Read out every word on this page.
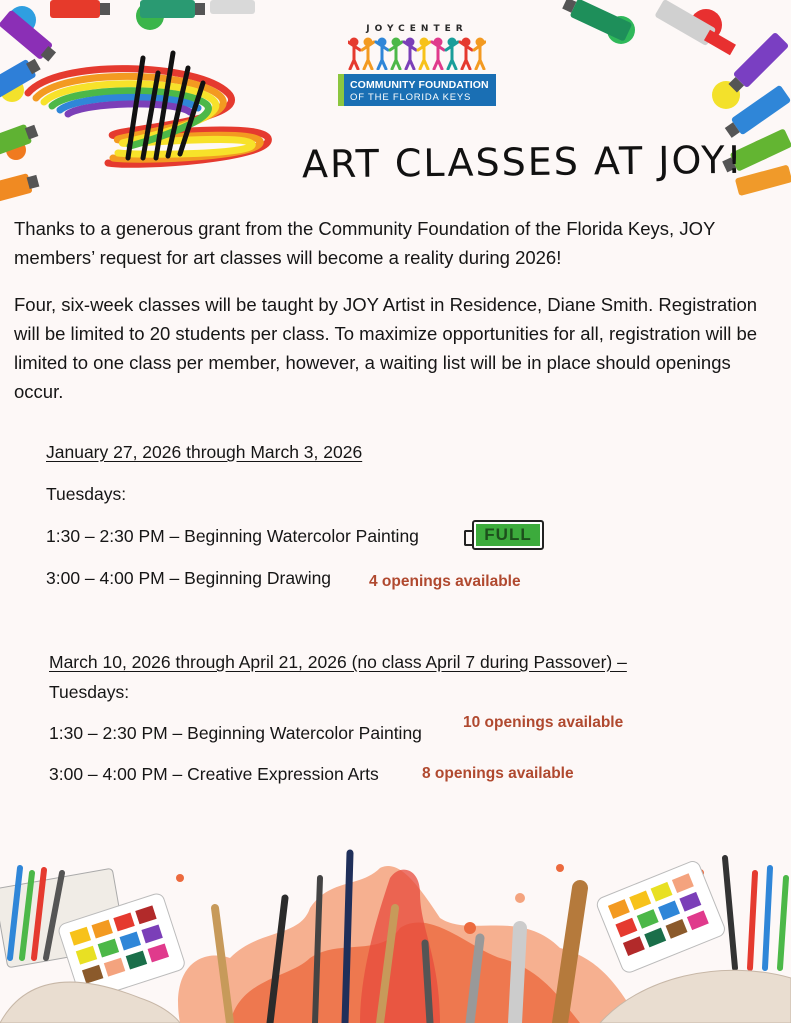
JOYCENTER
COMMUNITY FOUNDATION
OF THE FLORIDA KEYS
ART CLASSES AT JOY!
Thanks to a generous grant from the Community Foundation of the Florida Keys, JOY members’ request for art classes will become a reality during 2026!
Four, six-week classes will be taught by JOY Artist in Residence, Diane Smith. Registration will be limited to 20 students per class. To maximize opportunities for all, registration will be limited to one class per member, however, a waiting list will be in place should openings occur.
January 27, 2026 through March 3, 2026
Tuesdays:
1:30 – 2:30 PM – Beginning Watercolor Painting	FULL
3:00 – 4:00 PM – Beginning Drawing 4 openings available
March 10, 2026 through April 21, 2026 (no class April 7 during Passover) –
Tuesdays:
1:30 – 2:30 PM – Beginning Watercolor Painting
10 openings available
3:00 – 4:00 PM – Creative Expression Arts	8 openings available
